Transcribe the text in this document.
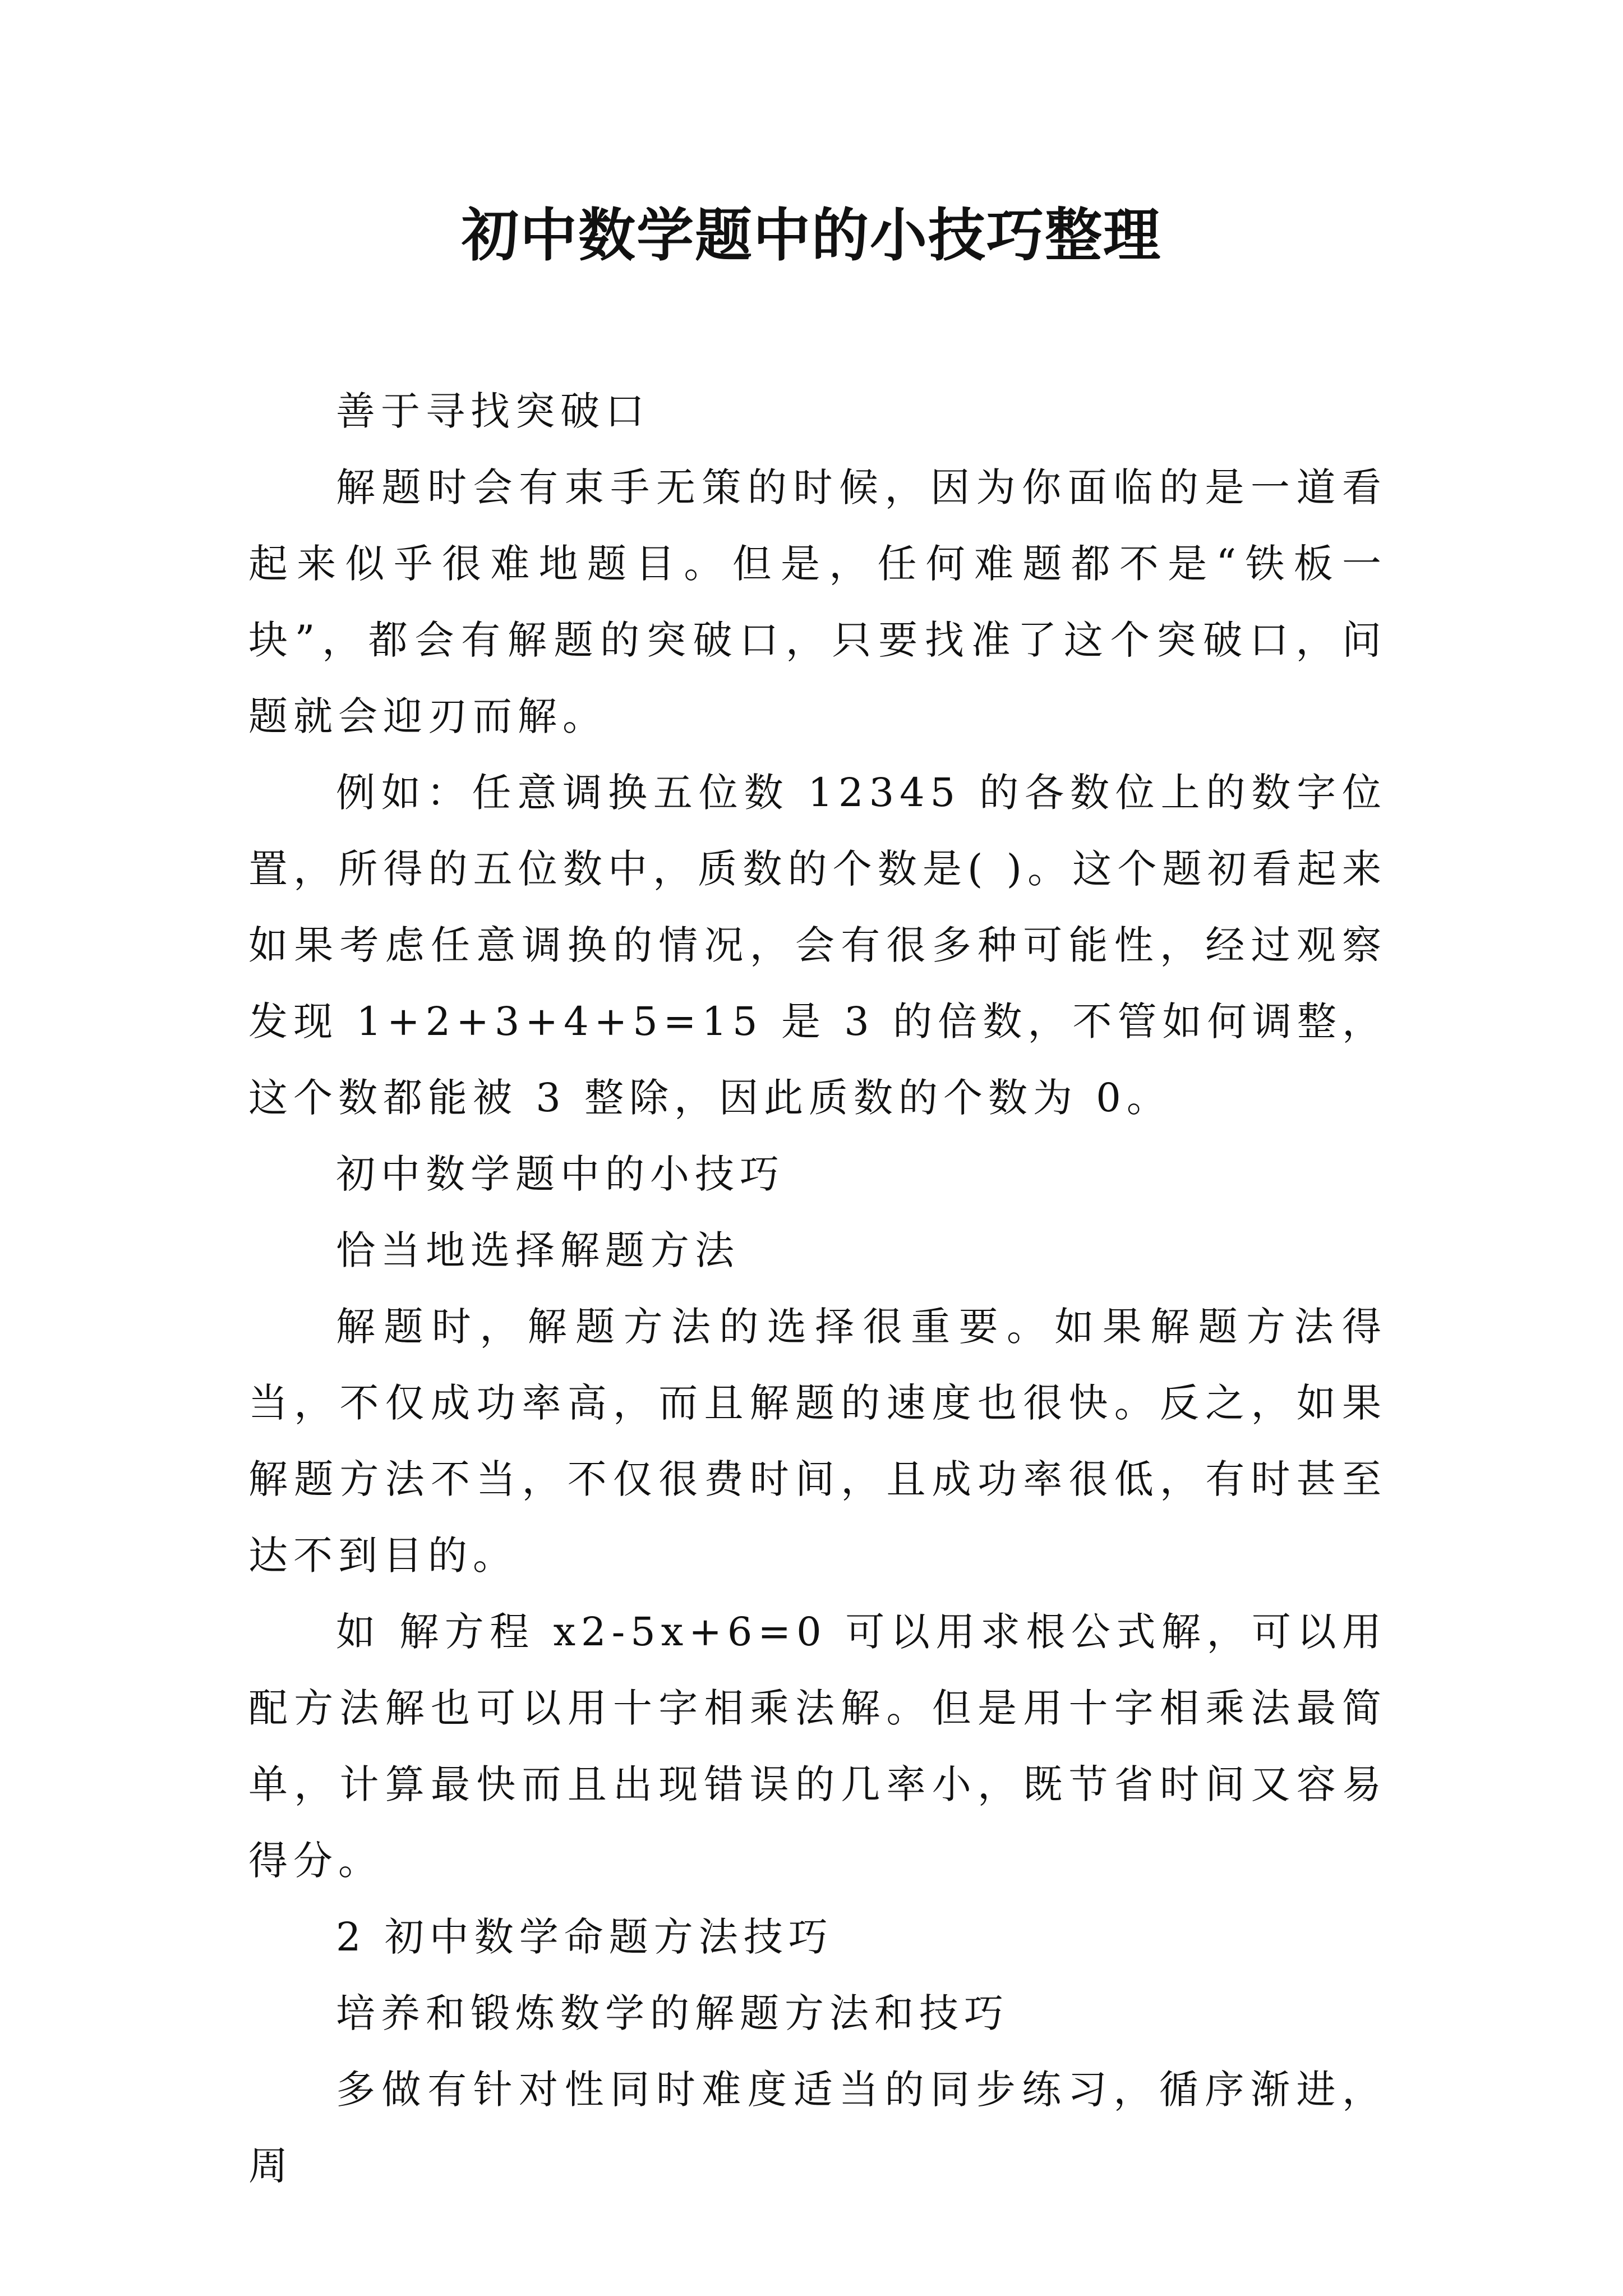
初中数学题中的小技巧整理

善于寻找突破口

解题时会有束手无策的时候，因为你面临的是一道看起来似乎很难地题目。但是，任何难题都不是“铁板一块”，都会有解题的突破口，只要找准了这个突破口，问题就会迎刃而解。

例如：任意调换五位数 12345 的各数位上的数字位置，所得的五位数中，质数的个数是( )。这个题初看起来如果考虑任意调换的情况，会有很多种可能性，经过观察发现 1+2+3+4+5=15 是 3 的倍数，不管如何调整，这个数都能被 3 整除，因此质数的个数为 0。

初中数学题中的小技巧

恰当地选择解题方法

解题时，解题方法的选择很重要。如果解题方法得当，不仅成功率高，而且解题的速度也很快。反之，如果解题方法不当，不仅很费时间，且成功率很低，有时甚至达不到目的。

如 解方程 x2-5x+6=0 可以用求根公式解，可以用配方法解也可以用十字相乘法解。但是用十字相乘法最简单，计算最快而且出现错误的几率小，既节省时间又容易得分。

2 初中数学命题方法技巧

培养和锻炼数学的解题方法和技巧

多做有针对性同时难度适当的同步练习，循序渐进，周
